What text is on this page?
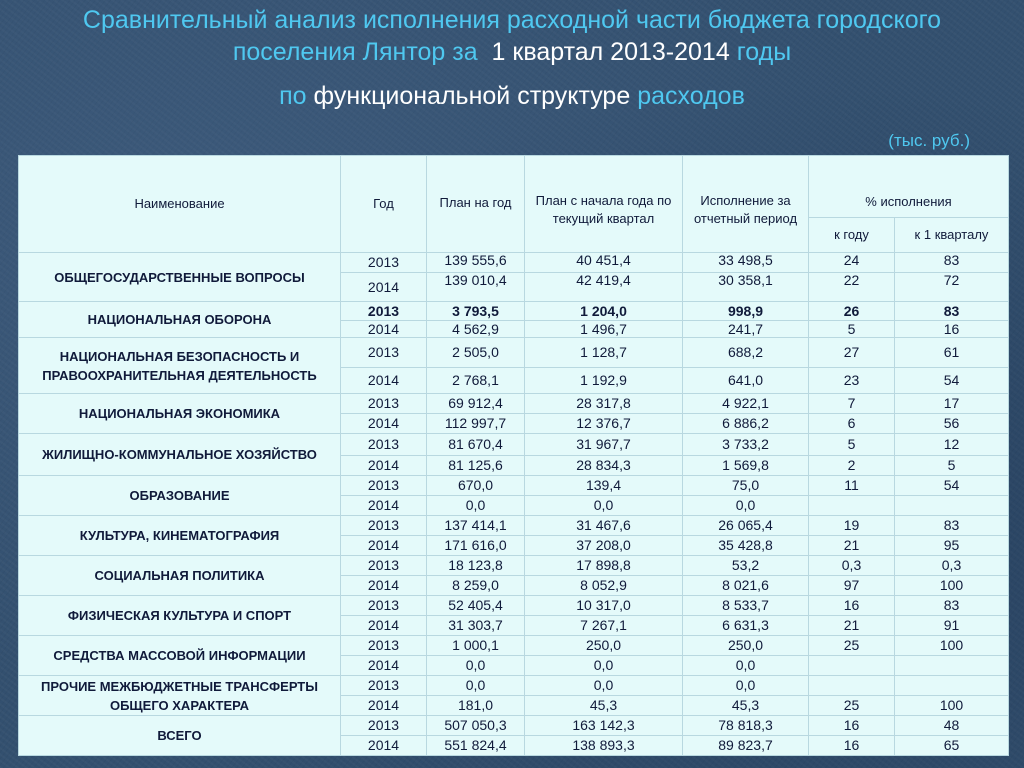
Сравнительный анализ исполнения расходной части бюджета городского
поселения Лянтор за 1 квартал 2013-2014 годы
по функциональной структуре расходов
(тыс. руб.)
Наименование	Год	План на год	План с начала года по текущий квартал	Исполнение за отчетный период	% исполнения	
					к году	к 1 кварталу
ОБЩЕГОСУДАРСТВЕННЫЕ ВОПРОСЫ	2013	139 555,6	40 451,4	33 498,5	24	83
	2014	139 010,4	42 419,4	30 358,1	22	72
НАЦИОНАЛЬНАЯ ОБОРОНА	2013	3 793,5	1 204,0	998,9	26	83
	2014	4 562,9	1 496,7	241,7	5	16
НАЦИОНАЛЬНАЯ БЕЗОПАСНОСТЬ И ПРАВООХРАНИТЕЛЬНАЯ ДЕЯТЕЛЬНОСТЬ	2013	2 505,0	1 128,7	688,2	27	61
	2014	2 768,1	1 192,9	641,0	23	54
НАЦИОНАЛЬНАЯ ЭКОНОМИКА	2013	69 912,4	28 317,8	4 922,1	7	17
	2014	112 997,7	12 376,7	6 886,2	6	56
ЖИЛИЩНО-КОММУНАЛЬНОЕ ХОЗЯЙСТВО	2013	81 670,4	31 967,7	3 733,2	5	12
	2014	81 125,6	28 834,3	1 569,8	2	5
ОБРАЗОВАНИЕ	2013	670,0	139,4	75,0	11	54
	2014	0,0	0,0	0,0		
КУЛЬТУРА, КИНЕМАТОГРАФИЯ	2013	137 414,1	31 467,6	26 065,4	19	83
	2014	171 616,0	37 208,0	35 428,8	21	95
СОЦИАЛЬНАЯ ПОЛИТИКА	2013	18 123,8	17 898,8	53,2	0,3	0,3
	2014	8 259,0	8 052,9	8 021,6	97	100
ФИЗИЧЕСКАЯ КУЛЬТУРА И СПОРТ	2013	52 405,4	10 317,0	8 533,7	16	83
	2014	31 303,7	7 267,1	6 631,3	21	91
СРЕДСТВА МАССОВОЙ ИНФОРМАЦИИ	2013	1 000,1	250,0	250,0	25	100
	2014	0,0	0,0	0,0		
ПРОЧИЕ МЕЖБЮДЖЕТНЫЕ ТРАНСФЕРТЫ ОБЩЕГО ХАРАКТЕРА	2013	0,0	0,0	0,0		
	2014	181,0	45,3	45,3	25	100
ВСЕГО	2013	507 050,3	163 142,3	78 818,3	16	48
	2014	551 824,4	138 893,3	89 823,7	16	65
